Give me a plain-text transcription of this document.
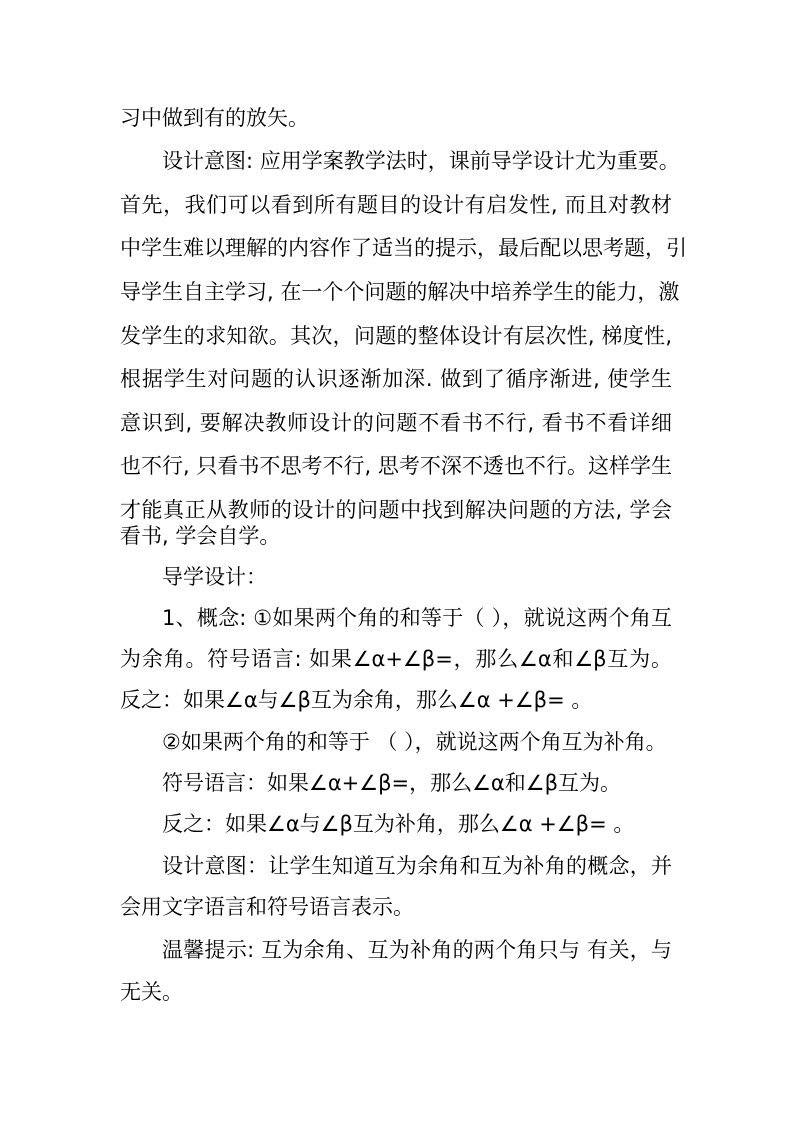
习中做到有的放矢。
设计意图: 应用学案教学法时，课前导学设计尤为重要。
首先，我们可以看到所有题目的设计有启发性, 而且对教材
中学生难以理解的内容作了适当的提示，最后配以思考题，引
导学生自主学习, 在一个个问题的解决中培养学生的能力，激
发学生的求知欲。其次，问题的整体设计有层次性, 梯度性,
根据学生对问题的认识逐渐加深. 做到了循序渐进, 使学生
意识到, 要解决教师设计的问题不看书不行, 看书不看详细
也不行, 只看书不思考不行, 思考不深不透也不行。这样学生
才能真正从教师的设计的问题中找到解决问题的方法, 学会
看书, 学会自学。
导学设计：
1、概念: ①如果两个角的和等于（ ），就说这两个角互
为余角。符号语言: 如果∠α+∠β=，那么∠α和∠β互为。
反之：如果∠α与∠β互为余角，那么∠α +∠β= 。
②如果两个角的和等于 （ ），就说这两个角互为补角。
符号语言：如果∠α+∠β=，那么∠α和∠β互为。
反之：如果∠α与∠β互为补角，那么∠α +∠β= 。
设计意图：让学生知道互为余角和互为补角的概念，并
会用文字语言和符号语言表示。
温馨提示: 互为余角、互为补角的两个角只与 有关，与
无关。
